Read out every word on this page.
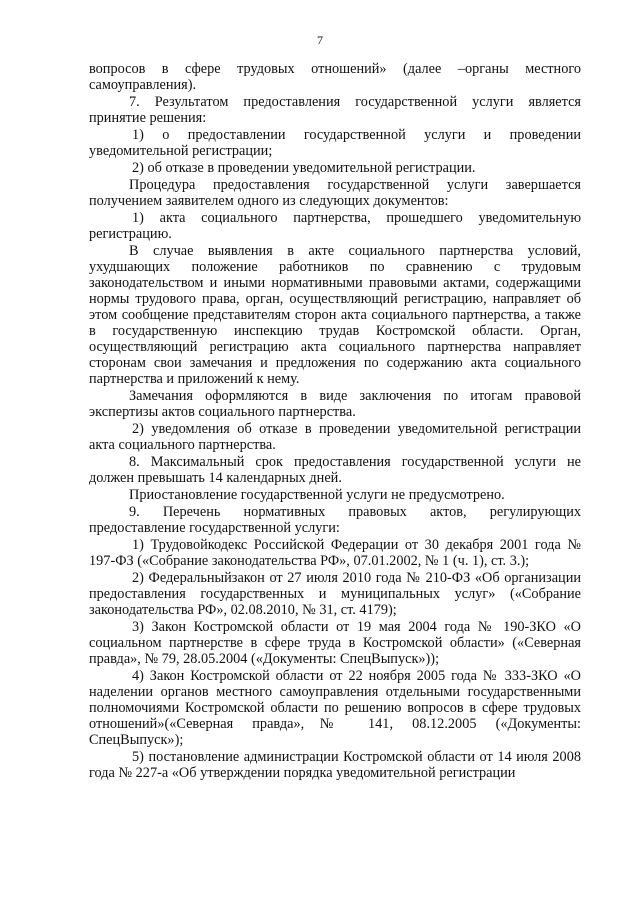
7

вопросов в сфере трудовых отношений» (далее –органы местного самоуправления).

7. Результатом предоставления государственной услуги является принятие решения:

1) о предоставлении государственной услуги и проведении уведомительной регистрации;

2) об отказе в проведении уведомительной регистрации.

Процедура предоставления государственной услуги завершается получением заявителем одного из следующих документов:

1) акта социального партнерства, прошедшего уведомительную регистрацию.

В случае выявления в акте социального партнерства условий, ухудшающих положение работников по сравнению с трудовым законодательством и иными нормативными правовыми актами, содержащими нормы трудового права, орган, осуществляющий регистрацию, направляет об этом сообщение представителям сторон акта социального партнерства, а также в государственную инспекцию трудав Костромской области. Орган, осуществляющий регистрацию акта социального партнерства направляет сторонам свои замечания и предложения по содержанию акта социального партнерства и приложений к нему.

Замечания оформляются в виде заключения по итогам правовой экспертизы актов социального партнерства.

2) уведомления об отказе в проведении уведомительной регистрации акта социального партнерства.

8. Максимальный срок предоставления государственной услуги не должен превышать 14 календарных дней.

Приостановление государственной услуги не предусмотрено.

9. Перечень нормативных правовых актов, регулирующих предоставление государственной услуги:

1) Трудовойкодекс Российской Федерации от 30 декабря 2001 года № 197-ФЗ («Собрание законодательства РФ», 07.01.2002, № 1 (ч. 1), ст. 3.);

2) Федеральныйзакон от 27 июля 2010 года № 210-ФЗ «Об организации предоставления государственных и муниципальных услуг» («Собрание законодательства РФ», 02.08.2010, № 31, ст. 4179);

3) Закон Костромской области от 19 мая 2004 года № 190-ЗКО «О социальном партнерстве в сфере труда в Костромской области» («Северная правда», № 79, 28.05.2004 («Документы: СпецВыпуск»));

4) Закон Костромской области от 22 ноября 2005 года № 333-ЗКО «О наделении органов местного самоуправления отдельными государственными полномочиями Костромской области по решению вопросов в сфере трудовых отношений»(«Северная правда»,№ 141, 08.12.2005 («Документы: СпецВыпуск»);

5) постановление администрации Костромской области от 14 июля 2008 года № 227-а «Об утверждении порядка уведомительной регистрации
